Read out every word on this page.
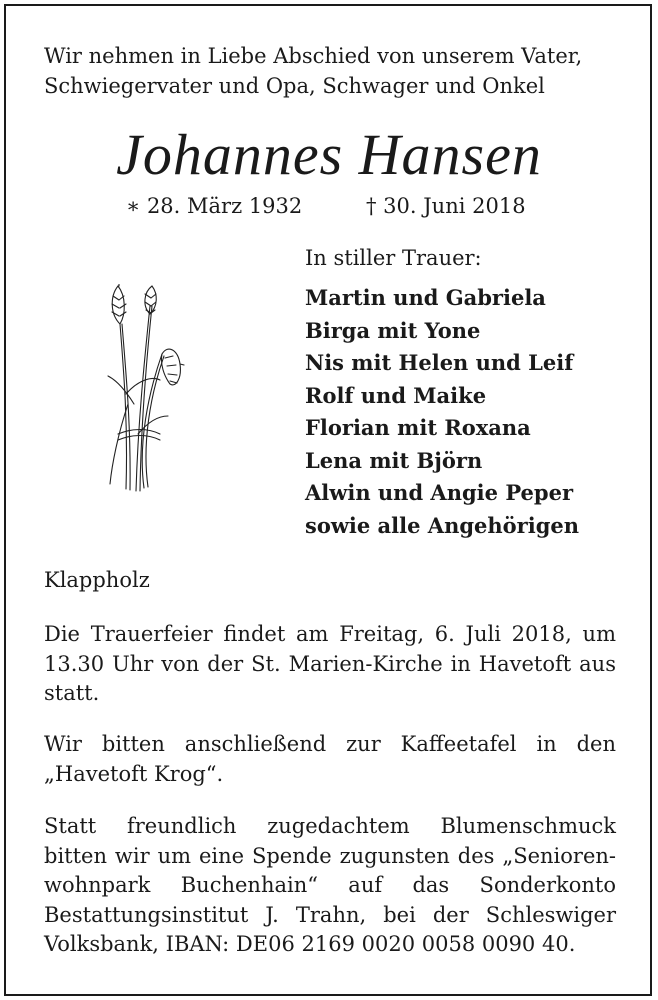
Wir nehmen in Liebe Abschied von unserem Vater,
Schwiegervater und Opa, Schwager und Onkel
Johannes Hansen
∗ 28. März 1932	† 30. Juni 2018
In stiller Trauer:
Martin und Gabriela
Birga mit Yone
Nis mit Helen und Leif
Rolf und Maike
Florian mit Roxana
Lena mit Björn
Alwin und Angie Peper
sowie alle Angehörigen
Klappholz
Die Trauerfeier findet am Freitag, 6. Juli 2018, um
13.30 Uhr von der St. Marien-Kirche in Havetoft aus
statt.
Wir bitten anschließend zur Kaffeetafel in den
„Havetoft Krog“.
Statt freundlich zugedachtem Blumenschmuck
bitten wir um eine Spende zugunsten des „Senioren-
wohnpark Buchenhain“ auf das Sonderkonto
Bestattungsinstitut J. Trahn, bei der Schleswiger
Volksbank, IBAN: DE06 2169 0020 0058 0090 40.
